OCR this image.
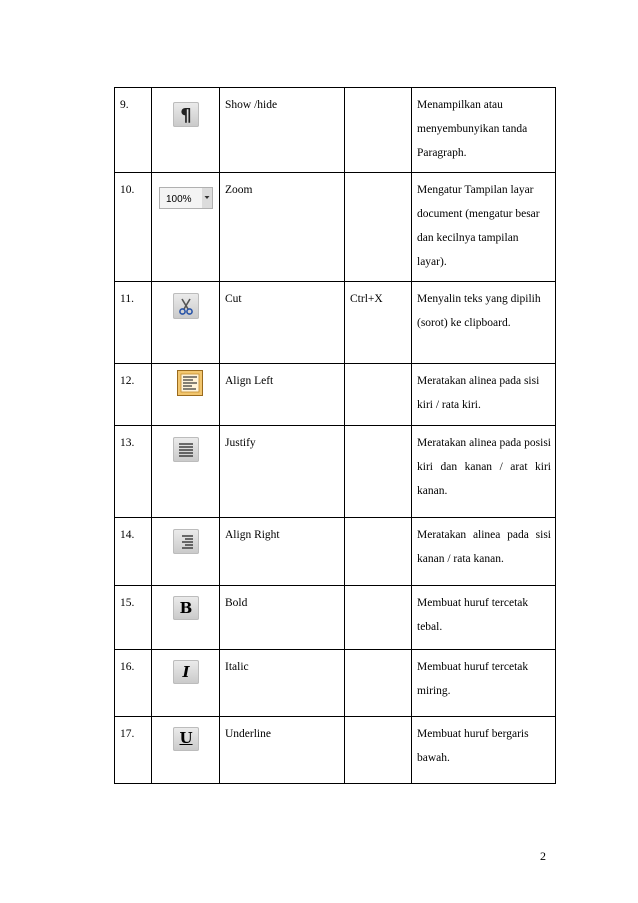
9.	¶	Show /hide		Menampilkan atau menyembunyikan tanda Paragraph.
10.	100%	Zoom		Mengatur Tampilan layar document (mengatur besar dan kecilnya tampilan layar).
11.		Cut	Ctrl+X	Menyalin teks yang dipilih (sorot) ke clipboard.
12.		Align Left		Meratakan alinea pada sisi kiri / rata kiri.
13.		Justify		Meratakan alinea pada posisi kiri dan kanan / arat kiri kanan.
14.		Align Right		Meratakan alinea pada sisi kanan / rata kanan.
15.	B	Bold		Membuat huruf tercetak tebal.
16.	I	Italic		Membuat huruf tercetak miring.
17.	U	Underline		Membuat huruf bergaris bawah.
2
